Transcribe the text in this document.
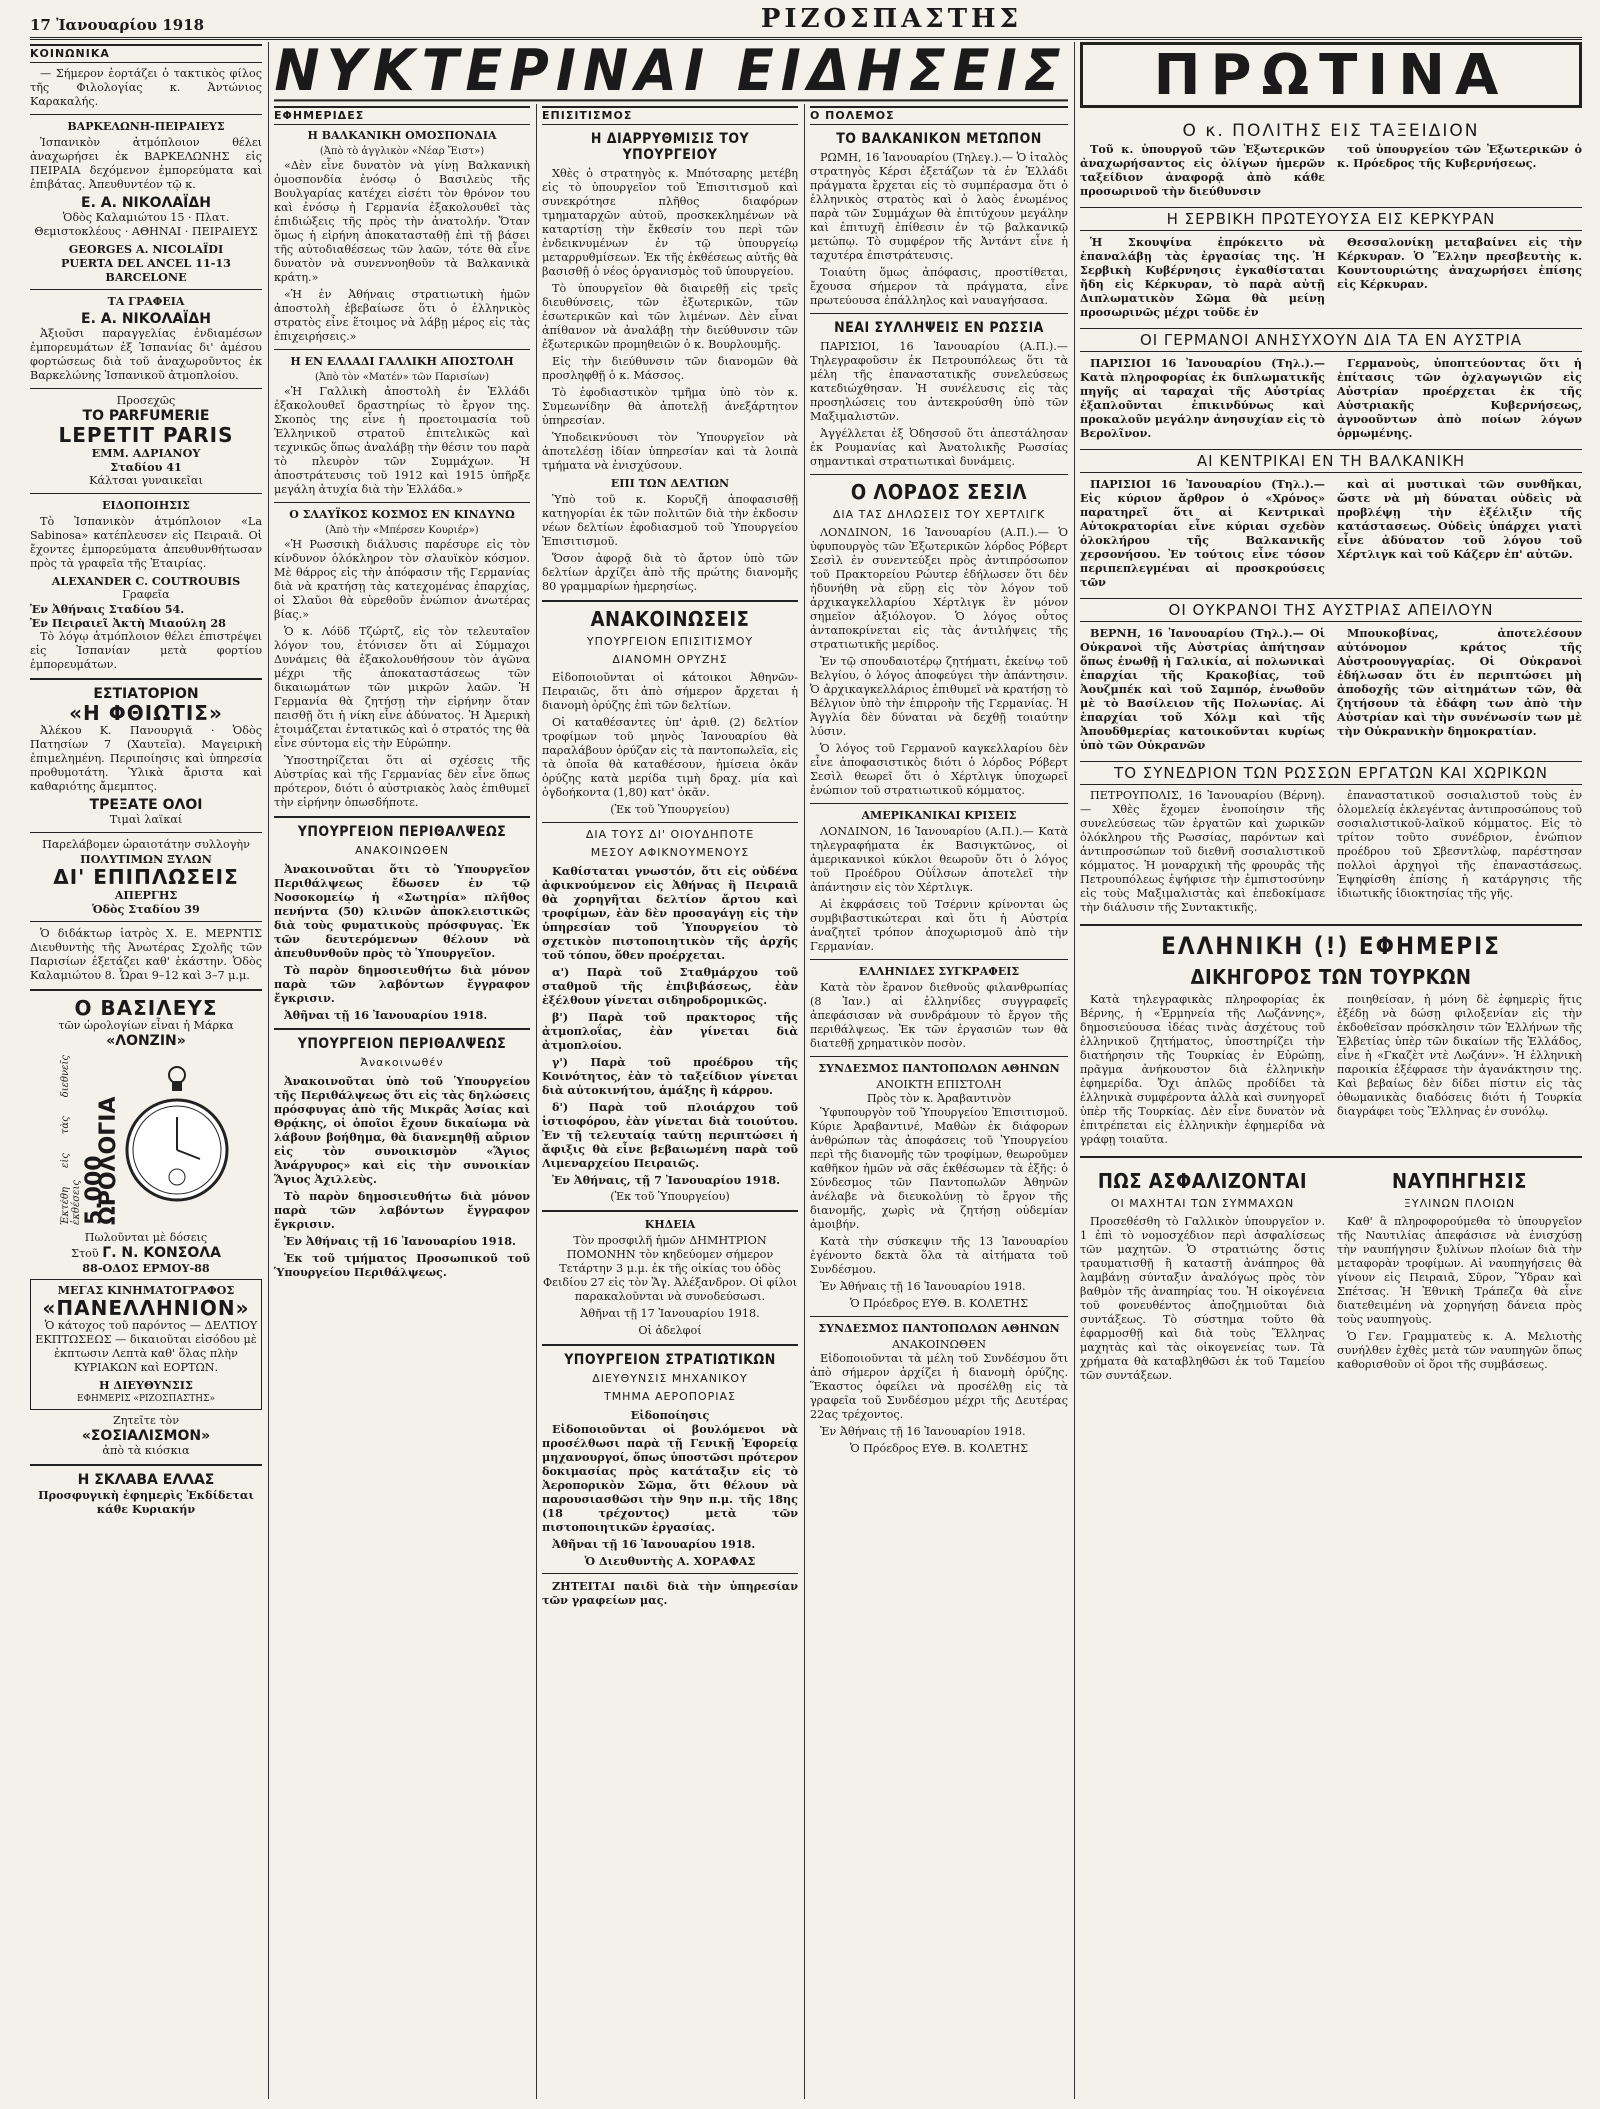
17 Ἰανουαρίου 1918	ΡΙΖΟΣΠΑΣΤΗΣ
ΝΥΚΤΕΡΙΝΑΙ ΕΙΔΗΣΕΙΣ	ΠΡΩΤΙΝΑ
ΚΟΙΝΩΝΙΚΑ

— Σήμερον ἑορτάζει ὁ τακτικὸς φίλος τῆς Φιλολογίας κ. Ἀντώνιος Καρακαλής.

ΒΑΡΚΕΛΩΝΗ-ΠΕΙΡΑΙΕΥΣ

Ἰσπανικὸν ἀτμόπλοιον θέλει ἀναχωρήσει ἐκ ΒΑΡΚΕΛΩΝΗΣ εἰς ΠΕΙΡΑΙΑ δεχόμενον ἐμπορεύματα καὶ ἐπιβάτας. Ἀπευθυντέον τῷ κ.

Ε. Α. ΝΙΚΟΛΑΪΔΗ

Ὁδὸς Καλαμιώτου 15 · Πλατ. Θεμιστοκλέους · ΑΘΗΝΑΙ · ΠΕΙΡΑΙΕΥΣ

GEORGES A. NICOLAÏDI
PUERTA DEL ANCEL 11-13 BARCELONE
ΤΑ ΓΡΑΦΕΙΑ
Ε. Α. ΝΙΚΟΛΑΪΔΗ

Ἀξιοῦσι παραγγελίας ἐνδιαμέσων ἐμπορευμάτων ἐξ Ἰσπανίας δι' ἀμέσου φορτώσεως διὰ τοῦ ἀναχωροῦντος ἐκ Βαρκελώνης Ἰσπανικοῦ ἀτμοπλοίου.

Προσεχῶς
ΤΟ PARFUMERIE
LEPETIT PARIS
ΕΜΜ. ΑΔΡΙΑΝΟΥ
Σταδίου 41
Κάλτσαι γυναικεῖαι
ΕΙΔΟΠΟΙΗΣΙΣ

Τὸ Ἰσπανικὸν ἀτμόπλοιον «La Sabinosa» κατέπλευσεν εἰς Πειραιᾶ. Οἱ ἔχοντες ἐμπορεύματα ἀπευθυνθήτωσαν πρὸς τὰ γραφεῖα τῆς Ἑταιρίας.

ALEXANDER C. COUTROUBIS
Γραφεῖα
Ἐν Ἀθήναις Σταδίου 54.
Ἐν Πειραιεῖ Ἀκτὴ Μιαούλη 28

Τὸ λόγῳ ἀτμόπλοιον θέλει ἐπιστρέψει εἰς Ἰσπανίαν μετὰ φορτίου ἐμπορευμάτων.

ΕΣΤΙΑΤΟΡΙΟΝ
«Η ΦΘΙΩΤΙΣ»

Ἀλέκου Κ. Πανουργιᾶ · Ὁδὸς Πατησίων 7 (Χαυτεῖα). Μαγειρικὴ ἐπιμελημένη. Περιποίησις καὶ ὑπηρεσία προθυμοτάτη. Ὑλικὰ ἄριστα καὶ καθαριότης ἄμεμπτος.

ΤΡΕΞΑΤΕ ΟΛΟΙ
Τιμαὶ λαϊκαί
Παρελάβομεν ὡραιοτάτην συλλογὴν
ΠΟΛΥΤΙΜΩΝ ΞΥΛΩΝ
ΔΙ' ΕΠΙΠΛΩΣΕΙΣ
ΑΠΕΡΓΗΣ
Ὁδὸς Σταδίου 39

Ὁ διδάκτωρ ἰατρὸς Χ. Ε. ΜΕΡΝΤΙΣ Διευθυντὴς τῆς Ἀνωτέρας Σχολῆς τῶν Παρισίων ἐξετάζει καθ' ἑκάστην. Ὁδὸς Καλαμιώτου 8. Ὧραι 9–12 καὶ 3–7 μ.μ.

Ο ΒΑΣΙΛΕΥΣ
τῶν ὡρολογίων εἶναι ἡ Μάρκα
«ΛΟΝΖΙΝ»
Ἐκτέθη εἰς τὰς διεθνεῖς ἐκθέσεις 5.000 ΩΡΟΛΟΓΙΑ
Πωλοῦνται μὲ δόσεις
Στοῦ Γ. Ν. ΚΟΝΣΟΛΑ
88-ΟΔΟΣ ΕΡΜΟΥ-88
ΜΕΓΑΣ ΚΙΝΗΜΑΤΟΓΡΑΦΟΣ
«ΠΑΝΕΛΛΗΝΙΟΝ»

Ὁ κάτοχος τοῦ παρόντος — ΔΕΛΤΙΟΥ ΕΚΠΤΩΣΕΩΣ — δικαιοῦται εἰσόδου μὲ ἐκπτωσιν Λεπτὰ καθ' ὅλας πλὴν ΚΥΡΙΑΚΩΝ καὶ ΕΟΡΤΩΝ.

Η ΔΙΕΥΘΥΝΣΙΣ
ΕΦΗΜΕΡΙΣ «ΡΙΖΟΣΠΑΣΤΗΣ»
Ζητεῖτε τὸν
«ΣΟΣΙΑΛΙΣΜΟΝ»
ἀπὸ τὰ κιόσκια
Η ΣΚΛΑΒΑ ΕΛΛΑΣ

Προσφυγικὴ ἐφημερὶς Ἐκδίδεται κάθε Κυριακήν

ΕΦΗΜΕΡΙΔΕΣ
Η ΒΑΛΚΑΝΙΚΗ ΟΜΟΣΠΟΝΔΙΑ
(Ἀπὸ τὸ ἀγγλικὸν «Νέαρ Ἔιστ»)

«Δὲν εἶνε δυνατὸν νὰ γίνῃ Βαλκανικὴ ὁμοσπονδία ἐνόσῳ ὁ Βασιλεὺς τῆς Βουλγαρίας κατέχει εἰσέτι τὸν θρόνον του καὶ ἐνόσῳ ἡ Γερμανία ἐξακολουθεῖ τὰς ἐπιδιώξεις τῆς πρὸς τὴν ἀνατολήν. Ὅταν ὅμως ἡ εἰρήνη ἀποκατασταθῇ ἐπὶ τῇ βάσει τῆς αὐτοδιαθέσεως τῶν λαῶν, τότε θὰ εἶνε δυνατὸν νὰ συνεννοηθοῦν τὰ Βαλκανικὰ κράτη.»

«Ἡ ἐν Ἀθήναις στρατιωτικὴ ἡμῶν ἀποστολὴ ἐβεβαίωσε ὅτι ὁ ἑλληνικὸς στρατὸς εἶνε ἕτοιμος νὰ λάβῃ μέρος εἰς τὰς ἐπιχειρήσεις.»

Η ΕΝ ΕΛΛΑΔΙ ΓΑΛΛΙΚΗ ΑΠΟΣΤΟΛΗ
(Ἀπὸ τὸν «Ματέν» τῶν Παρισίων)

«Ἡ Γαλλικὴ ἀποστολὴ ἐν Ἑλλάδι ἐξακολουθεῖ δραστηρίως τὸ ἔργον της. Σκοπὸς της εἶνε ἡ προετοιμασία τοῦ Ἑλληνικοῦ στρατοῦ ἐπιτελικῶς καὶ τεχνικῶς ὅπως ἀναλάβῃ τὴν θέσιν του παρὰ τὸ πλευρὸν τῶν Συμμάχων. Ἡ ἀποστράτευσις τοῦ 1912 καὶ 1915 ὑπῆρξε μεγάλη ἀτυχία διὰ τὴν Ἑλλάδα.»

Ο ΣΛΑΥΪΚΟΣ ΚΟΣΜΟΣ ΕΝ ΚΙΝΔΥΝΩ
(Ἀπὸ τὴν «Μπέρσεν Κουριέρ»)

«Ἡ Ρωσσικὴ διάλυσις παρέσυρε εἰς τὸν κίνδυνον ὁλόκληρον τὸν σλαυϊκὸν κόσμον. Μὲ θάρρος εἰς τὴν ἀπόφασιν τῆς Γερμανίας διὰ νὰ κρατήσῃ τὰς κατεχομένας ἐπαρχίας, οἱ Σλαῦοι θὰ εὑρεθοῦν ἐνώπιον ἀνωτέρας βίας.»

Ὁ κ. Λόϋδ Τζώρτζ, εἰς τὸν τελευταῖον λόγον του, ἐτόνισεν ὅτι αἱ Σύμμαχοι Δυνάμεις θὰ ἐξακολουθήσουν τὸν ἀγῶνα μέχρι τῆς ἀποκαταστάσεως τῶν δικαιωμάτων τῶν μικρῶν λαῶν. Ἡ Γερμανία θὰ ζητήσῃ τὴν εἰρήνην ὅταν πεισθῇ ὅτι ἡ νίκη εἶνε ἀδύνατος. Ἡ Ἀμερικὴ ἑτοιμάζεται ἐντατικῶς καὶ ὁ στρατός της θὰ εἶνε σύντομα εἰς τὴν Εὐρώπην.

Ὑποστηρίζεται ὅτι αἱ σχέσεις τῆς Αὐστρίας καὶ τῆς Γερμανίας δὲν εἶνε ὅπως πρότερον, διότι ὁ αὐστριακὸς λαὸς ἐπιθυμεῖ τὴν εἰρήνην ὁπωσδήποτε.

ΥΠΟΥΡΓΕΙΟΝ ΠΕΡΙΘΑΛΨΕΩΣ
ΑΝΑΚΟΙΝΩΘΕΝ

Ἀνακοινοῦται ὅτι τὸ Ὑπουργεῖον Περιθάλψεως ἔδωσεν ἐν τῷ Νοσοκομείῳ ἡ «Σωτηρία» πλῆθος πενήντα (50) κλινῶν ἀποκλειστικῶς διὰ τοὺς φυματικοὺς πρόσφυγας. Ἐκ τῶν δευτερόμενων θέλουν νὰ ἀπευθυνθοῦν πρὸς τὸ Ὑπουργεῖον.

Τὸ παρὸν δημοσιευθήτω διὰ μόνον παρὰ τῶν λαβόντων ἔγγραφον ἔγκρισιν.

Ἀθῆναι τῇ 16 Ἰανουαρίου 1918.

ΥΠΟΥΡΓΕΙΟΝ ΠΕΡΙΘΑΛΨΕΩΣ
Ἀνακοινωθέν

Ἀνακοινοῦται ὑπὸ τοῦ Ὑπουργείου τῆς Περιθάλψεως ὅτι εἰς τὰς δηλώσεις πρόσφυγας ἀπὸ τῆς Μικρᾶς Ἀσίας καὶ Θρᾴκης, οἱ ὁποῖοι ἔχουν δικαίωμα νὰ λάβουν βοήθημα, θὰ διανεμηθῇ αὔριον εἰς τὸν συνοικισμὸν «Ἅγιος Ἀνάργυρος» καὶ εἰς τὴν συνοικίαν Ἅγιος Ἀχιλλεὺς.

Τὸ παρὸν δημοσιευθήτω διὰ μόνον παρὰ τῶν λαβόντων ἔγγραφον ἔγκρισιν.

Ἐν Ἀθήναις τῇ 16 Ἰανουαρίου 1918.

Ἐκ τοῦ τμήματος Προσωπικοῦ τοῦ Ὑπουργείου Περιθάλψεως.

ΕΠΙΣΙΤΙΣΜΟΣ
Η ΔΙΑΡΡΥΘΜΙΣΙΣ ΤΟΥ ΥΠΟΥΡΓΕΙΟΥ

Χθὲς ὁ στρατηγὸς κ. Μπότσαρης μετέβη εἰς τὸ ὑπουργεῖον τοῦ Ἐπισιτισμοῦ καὶ συνεκρότησε πλῆθος διαφόρων τμηματαρχῶν αὐτοῦ, προσκεκλημένων νὰ καταρτίσῃ τὴν ἔκθεσίν του περὶ τῶν ἐνδεικνυμένων ἐν τῷ ὑπουργείῳ μεταρρυθμίσεων. Ἐκ τῆς ἐκθέσεως αὐτῆς θὰ βασισθῇ ὁ νέος ὀργανισμὸς τοῦ ὑπουργείου.

Τὸ ὑπουργεῖον θὰ διαιρεθῇ εἰς τρεῖς διευθύνσεις, τῶν ἐξωτερικῶν, τῶν ἐσωτερικῶν καὶ τῶν λιμένων. Δὲν εἶναι ἀπίθανον νὰ ἀναλάβῃ τὴν διεύθυνσιν τῶν ἐξωτερικῶν προμηθειῶν ὁ κ. Βουρλουμῆς.

Εἰς τὴν διεύθυνσιν τῶν διανομῶν θὰ προσληφθῇ ὁ κ. Μάσσος.

Τὸ ἐφοδιαστικὸν τμῆμα ὑπὸ τὸν κ. Συμεωνίδην θὰ ἀποτελῇ ἀνεξάρτητον ὑπηρεσίαν.

Ὑποδεικνύουσι τὸν Ὑπουργεῖον νὰ ἀποτελέσῃ ἰδίαν ὑπηρεσίαν καὶ τὰ λοιπὰ τμήματα νὰ ἐνισχύσουν.

ΕΠΙ ΤΩΝ ΔΕΛΤΙΩΝ

Ὑπὸ τοῦ κ. Κορυζῆ ἀποφασισθῇ κατηγορίαι ἐκ τῶν πολιτῶν διὰ τὴν ἐκδοσιν νέων δελτίων ἐφοδιασμοῦ τοῦ Ὑπουργείου Ἐπισιτισμοῦ.

Ὅσον ἀφορᾷ διὰ τὸ ἄρτον ὑπὸ τῶν δελτίων ἀρχίζει ἀπὸ τῆς πρώτης διανομῆς 80 γραμμαρίων ἡμερησίως.

ΑΝΑΚΟΙΝΩΣΕΙΣ
ΥΠΟΥΡΓΕΙΟΝ ΕΠΙΣΙΤΙΣΜΟΥ
ΔΙΑΝΟΜΗ ΟΡΥΖΗΣ

Εἰδοποιοῦνται οἱ κάτοικοι Ἀθηνῶν-Πειραιῶς, ὅτι ἀπὸ σήμερον ἄρχεται ἡ διανομὴ ὀρύζης ἐπὶ τῶν δελτίων.

Οἱ καταθέσαντες ὑπ' ἀριθ. (2) δελτίον τροφίμων τοῦ μηνὸς Ἰανουαρίου θὰ παραλάβουν ὀρύζαν εἰς τὰ παντοπωλεῖα, εἰς τὰ ὁποῖα θὰ καταθέσουν, ἠμίσεια ὀκᾶν ὀρύζης κατὰ μερίδα τιμὴ δραχ. μία καὶ ὀγδοήκοντα (1,80) κατ' ὀκᾶν.

(Ἐκ τοῦ Ὑπουργείου)

ΔΙΑ ΤΟΥΣ ΔΙ' ΟΙΟΥΔΗΠΟΤΕ
ΜΕΣΟΥ ΑΦΙΚΝΟΥΜΕΝΟΥΣ

Καθίσταται γνωστόν, ὅτι εἰς οὐδένα ἀφικνούμενον εἰς Ἀθήνας ἢ Πειραιᾶ θὰ χορηγῆται δελτίον ἄρτου καὶ τροφίμων, ἐὰν δὲν προσαγάγῃ εἰς τὴν ὑπηρεσίαν τοῦ Ὑπουργείου τὸ σχετικὸν πιστοποιητικὸν τῆς ἀρχῆς τοῦ τόπου, ὅθεν προέρχεται.

α') Παρὰ τοῦ Σταθμάρχου τοῦ σταθμοῦ τῆς ἐπιβιβάσεως, ἐὰν ἐξέλθουν γίνεται σιδηροδρομικῶς.

β') Παρὰ τοῦ πρακτορος τῆς ἀτμοπλοΐας, ἐὰν γίνεται διὰ ἀτμοπλοίου.

γ') Παρὰ τοῦ προέδρου τῆς Κοινότητος, ἐὰν τὸ ταξείδιον γίνεται διὰ αὐτοκινήτου, ἁμάξης ἢ κάρρου.

δ') Παρὰ τοῦ πλοιάρχου τοῦ ἱστιοφόρου, ἐὰν γίνεται διὰ τοιούτου. Ἐν τῇ τελευταίᾳ ταύτῃ περιπτώσει ἡ ἄφιξις θὰ εἶνε βεβαιωμένη παρὰ τοῦ Λιμεναρχείου Πειραιῶς.

Ἐν Ἀθήναις, τῇ 7 Ἰανουαρίου 1918.

(Ἐκ τοῦ Ὑπουργείου)

ΚΗΔΕΙΑ

Τὸν προσφιλῆ ἡμῶν ΔΗΜΗΤΡΙΟΝ ΠΟΜΟΝΗΝ τὸν κηδεύομεν σήμερον Τετάρτην 3 μ.μ. ἐκ τῆς οἰκίας του ὁδὸς Φειδίου 27 εἰς τὸν Ἅγ. Ἀλέξανδρον. Οἱ φίλοι παρακαλοῦνται νὰ συνοδεύσωσι.

Ἀθῆναι τῇ 17 Ἰανουαρίου 1918.

Οἱ ἀδελφοί

ΥΠΟΥΡΓΕΙΟΝ ΣΤΡΑΤΙΩΤΙΚΩΝ
ΔΙΕΥΘΥΝΣΙΣ ΜΗΧΑΝΙΚΟΥ
ΤΜΗΜΑ ΑΕΡΟΠΟΡΙΑΣ
Εἰδοποίησις

Εἰδοποιοῦνται οἱ βουλόμενοι νὰ προσέλθωσι παρὰ τῇ Γενικῇ Ἐφορείᾳ μηχανουργοί, ὅπως ὑποστῶσι πρότερον δοκιμασίας πρὸς κατάταξιν εἰς τὸ Ἀεροπορικὸν Σῶμα, ὅτι θέλουν νὰ παρουσιασθῶσι τὴν 9ην π.μ. τῆς 18ης (18 τρέχοντος) μετὰ τῶν πιστοποιητικῶν ἐργασίας.

Ἀθῆναι τῇ 16 Ἰανουαρίου 1918.

Ὁ Διευθυντὴς Α. ΧΟΡΑΦΑΣ

ΖΗΤΕΙΤΑΙ παιδὶ διὰ τὴν ὑπηρεσίαν τῶν γραφείων μας.

Ο ΠΟΛΕΜΟΣ
ΤΟ ΒΑΛΚΑΝΙΚΟΝ ΜΕΤΩΠΟΝ

ΡΩΜΗ, 16 Ἰανουαρίου (Τηλεγ.).— Ὁ ἰταλὸς στρατηγὸς Κέρσι ἐξετάζων τὰ ἐν Ἑλλάδι πράγματα ἔρχεται εἰς τὸ συμπέρασμα ὅτι ὁ ἑλληνικὸς στρατὸς καὶ ὁ λαὸς ἑνωμένος παρὰ τῶν Συμμάχων θὰ ἐπιτύχουν μεγάλην καὶ ἐπιτυχῆ ἐπίθεσιν ἐν τῷ βαλκανικῷ μετώπῳ. Τὸ συμφέρον τῆς Ἀντάντ εἶνε ἡ ταχυτέρα ἐπιστράτευσις.

Τοιαύτη ὅμως ἀπόφασις, προστίθεται, ἔχουσα σήμερον τὰ πράγματα, εἶνε πρωτεύουσα ἐπάλληλος καὶ ναυαγήσασα.

ΝΕΑΙ ΣΥΛΛΗΨΕΙΣ ΕΝ ΡΩΣΣΙΑ

ΠΑΡΙΣΙΟΙ, 16 Ἰανουαρίου (Α.Π.).— Τηλεγραφοῦσιν ἐκ Πετρουπόλεως ὅτι τὰ μέλη τῆς ἐπαναστατικῆς συνελεύσεως κατεδιώχθησαν. Ἡ συνέλευσις εἰς τὰς προσηλώσεις του ἀντεκρούσθη ὑπὸ τῶν Μαξιμαλιστῶν.

Ἀγγέλλεται ἐξ Ὀδησσοῦ ὅτι ἀπεστάλησαν ἐκ Ρουμανίας καὶ Ἀνατολικῆς Ρωσσίας σημαντικαὶ στρατιωτικαὶ δυνάμεις.

Ο ΛΟΡΔΟΣ ΣΕΣΙΛ
ΔΙΑ ΤΑΣ ΔΗΛΩΣΕΙΣ ΤΟΥ ΧΕΡΤΛΙΓΚ

ΛΟΝΔΙΝΟΝ, 16 Ἰανουαρίου (Α.Π.).— Ὁ ὑφυπουργὸς τῶν Ἐξωτερικῶν λόρδος Ρόβερτ Σεσὶλ ἐν συνεντεύξει πρὸς ἀντιπρόσωπον τοῦ Πρακτορείου Ρώυτερ ἐδήλωσεν ὅτι δὲν ἠδυνήθη νὰ εὕρῃ εἰς τὸν λόγον τοῦ ἀρχικαγκελλαρίου Χέρτλιγκ ἓν μόνον σημεῖον ἀξιόλογον. Ὁ λόγος οὗτος ἀνταποκρίνεται εἰς τὰς ἀντιλήψεις τῆς στρατιωτικῆς μερίδος.

Ἐν τῷ σπουδαιοτέρῳ ζητήματι, ἐκείνῳ τοῦ Βελγίου, ὁ λόγος ἀποφεύγει τὴν ἀπάντησιν. Ὁ ἀρχικαγκελλάριος ἐπιθυμεῖ νὰ κρατήσῃ τὸ Βέλγιον ὑπὸ τὴν ἐπιρροὴν τῆς Γερμανίας. Ἡ Ἀγγλία δὲν δύναται νὰ δεχθῇ τοιαύτην λύσιν.

Ὁ λόγος τοῦ Γερμανοῦ καγκελλαρίου δὲν εἶνε ἀποφασιστικὸς διότι ὁ λόρδος Ρόβερτ Σεσὶλ θεωρεῖ ὅτι ὁ Χέρτλιγκ ὑποχωρεῖ ἐνώπιον τοῦ στρατιωτικοῦ κόμματος.

ΑΜΕΡΙΚΑΝΙΚΑΙ ΚΡΙΣΕΙΣ

ΛΟΝΔΙΝΟΝ, 16 Ἰανουαρίου (Α.Π.).— Κατὰ τηλεγραφήματα ἐκ Βασιγκτῶνος, οἱ ἀμερικανικοὶ κύκλοι θεωροῦν ὅτι ὁ λόγος τοῦ Προέδρου Οὐΐλσων ἀποτελεῖ τὴν ἀπάντησιν εἰς τὸν Χέρτλιγκ.

Αἱ ἐκφράσεις τοῦ Τσέρνιν κρίνονται ὡς συμβιβαστικώτεραι καὶ ὅτι ἡ Αὐστρία ἀναζητεῖ τρόπον ἀποχωρισμοῦ ἀπὸ τὴν Γερμανίαν.

ΕΛΛΗΝΙΔΕΣ ΣΥΓΚΡΑΦΕΙΣ

Κατὰ τὸν ἔρανον διεθνοῦς φιλανθρωπίας (8 Ἰαν.) αἱ ἐλληνίδες συγγραφεῖς ἀπεφάσισαν νὰ συνδράμουν τὸ ἔργον τῆς περιθάλψεως. Ἐκ τῶν ἐργασιῶν των θὰ διατεθῇ χρηματικὸν ποσὸν.

ΣΥΝΔΕΣΜΟΣ ΠΑΝΤΟΠΩΛΩΝ ΑΘΗΝΩΝ
ΑΝΟΙΚΤΗ ΕΠΙΣΤΟΛΗ
Πρὸς τὸν κ. Ἀραβαντινὸν

Ὑφυπουργὸν τοῦ Ὑπουργείου Ἐπισιτισμοῦ. Κύριε Ἀραβαντινέ, Μαθὼν ἐκ διάφορων ἀνθρώπων τὰς ἀποφάσεις τοῦ Ὑπουργείου περὶ τῆς διανομῆς τῶν τροφίμων, θεωροῦμεν καθῆκον ἡμῶν νὰ σᾶς ἐκθέσωμεν τὰ ἑξῆς: ὁ Σύνδεσμος τῶν Παντοπωλῶν Ἀθηνῶν ἀνέλαβε νὰ διευκολύνῃ τὸ ἔργον τῆς διανομῆς, χωρὶς νὰ ζητήσῃ οὐδεμίαν ἀμοιβήν.

Κατὰ τὴν σύσκεψιν τῆς 13 Ἰανουαρίου ἐγένοντο δεκτὰ ὅλα τὰ αἰτήματα τοῦ Συνδέσμου.

Ἐν Ἀθήναις τῇ 16 Ἰανουαρίου 1918.

Ὁ Πρόεδρος ΕΥΘ. Β. ΚΟΛΕΤΗΣ

ΣΥΝΔΕΣΜΟΣ ΠΑΝΤΟΠΩΛΩΝ ΑΘΗΝΩΝ
ΑΝΑΚΟΙΝΩΘΕΝ

Εἰδοποιοῦνται τὰ μέλη τοῦ Συνδέσμου ὅτι ἀπὸ σήμερον ἀρχίζει ἡ διανομὴ ὀρύζης. Ἕκαστος ὀφείλει νὰ προσέλθῃ εἰς τὰ γραφεῖα τοῦ Συνδέσμου μέχρι τῆς Δευτέρας 22ας τρέχοντος.

Ἐν Ἀθήναις τῇ 16 Ἰανουαρίου 1918.

Ὁ Πρόεδρος ΕΥΘ. Β. ΚΟΛΕΤΗΣ

Ο κ. ΠΟΛΙΤΗΣ ΕΙΣ ΤΑΞΕΙΔΙΟΝ

Τοῦ κ. ὑπουργοῦ τῶν Ἐξωτερικῶν ἀναχωρήσαντος εἰς ὀλίγων ἡμερῶν ταξείδιον ἀναφορᾷ ἀπὸ κάθε προσωρινοῦ τὴν διεύθυνσιν

τοῦ ὑπουργείου τῶν Ἐξωτερικῶν ὁ κ. Πρόεδρος τῆς Κυβερνήσεως.

Η ΣΕΡΒΙΚΗ ΠΡΩΤΕΥΟΥΣΑ ΕΙΣ ΚΕΡΚΥΡΑΝ

Ἡ Σκουψίνα ἐπρόκειτο νὰ ἐπαναλάβῃ τὰς ἐργασίας της. Ἡ Σερβικὴ Κυβέρνησις ἐγκαθίσταται ἤδη εἰς Κέρκυραν, τὸ παρὰ αὐτῇ Διπλωματικὸν Σῶμα θὰ μείνῃ προσωρινῶς μέχρι τοῦδε ἐν

Θεσσαλονίκῃ μεταβαίνει εἰς τὴν Κέρκυραν. Ὁ Ἕλλην πρεσβευτὴς κ. Κουντουριώτης ἀναχωρήσει ἐπίσης εἰς Κέρκυραν.

ΟΙ ΓΕΡΜΑΝΟΙ ΑΝΗΣΥΧΟΥΝ ΔΙΑ ΤΑ ΕΝ ΑΥΣΤΡΙΑ

ΠΑΡΙΣΙΟΙ 16 Ἰανουαρίου (Τηλ.).— Κατὰ πληροφορίας ἐκ διπλωματικῆς πηγῆς αἱ ταραχαὶ τῆς Αὐστρίας ἐξαπλοῦνται ἐπικινδύνως καὶ προκαλοῦν μεγάλην ἀνησυχίαν εἰς τὸ Βερολῖνον.

Γερμανοὺς, ὑποπτεύοντας ὅτι ἡ ἐπίτασις τῶν ὀχλαγωγιῶν εἰς Αὐστρίαν προέρχεται ἐκ τῆς Αὐστριακῆς Κυβερνήσεως, ἀγνοοῦντων ἀπὸ ποίων λόγων ὁρμωμένης.

ΑΙ ΚΕΝΤΡΙΚΑΙ ΕΝ ΤΗ ΒΑΛΚΑΝΙΚΗ

ΠΑΡΙΣΙΟΙ 16 Ἰανουαρίου (Τηλ.).— Εἰς κύριον ἄρθρον ὁ «Χρόνος» παρατηρεῖ ὅτι αἱ Κεντρικαὶ Αὐτοκρατορίαι εἶνε κύριαι σχεδὸν ὁλοκλήρου τῆς Βαλκανικῆς χερσονήσου. Ἐν τούτοις εἶνε τόσον περιπεπλεγμέναι αἱ προσκρούσεις τῶν

καὶ αἱ μυστικαὶ τῶν συνθῆκαι, ὥστε νὰ μὴ δύναται οὐδεὶς νὰ προβλέψῃ τὴν ἐξέλιξιν τῆς κατάστασεως. Οὐδεὶς ὑπάρχει γιατὶ εἶνε ἀδύνατον τοῦ λόγου τοῦ Χέρτλιγκ καὶ τοῦ Κάζερν ἐπ' αὐτῶν.

ΟΙ ΟΥΚΡΑΝΟΙ ΤΗΣ ΑΥΣΤΡΙΑΣ ΑΠΕΙΛΟΥΝ

ΒΕΡΝΗ, 16 Ἰανουαρίου (Τηλ.).— Οἱ Οὐκρανοὶ τῆς Αὐστρίας ἀπήτησαν ὅπως ἑνωθῇ ἡ Γαλικία, αἱ πολωνικαὶ ἐπαρχίαι τῆς Κρακοβίας, τοῦ Ἀουζμπέκ καὶ τοῦ Σαμπόρ, ἑνωθοῦν μὲ τὸ Βασίλειον τῆς Πολωνίας. Αἱ ἐπαρχίαι τοῦ Χόλμ καὶ τῆς Ἀπουδθμερίας κατοικοῦνται κυρίως ὑπὸ τῶν Οὐκρανῶν

Μπουκοβίνας, ἀποτελέσουν αὐτόνομον κράτος τῆς Αὐστροουγγαρίας. Οἱ Οὐκρανοὶ ἐδήλωσαν ὅτι ἐν περιπτώσει μὴ ἀποδοχῆς τῶν αἰτημάτων τῶν, θὰ ζητήσουν τὰ ἐδάφη των ἀπὸ τὴν Αὐστρίαν καὶ τὴν συνένωσίν των μὲ τὴν Οὐκρανικὴν δημοκρατίαν.

ΤΟ ΣΥΝΕΔΡΙΟΝ ΤΩΝ ΡΩΣΣΩΝ ΕΡΓΑΤΩΝ ΚΑΙ ΧΩΡΙΚΩΝ

ΠΕΤΡΟΥΠΟΛΙΣ, 16 Ἰανουαρίου (Βέρνη).— Χθὲς ἔχομεν ἐνοποίησιν τῆς συνελεύσεως τῶν ἐργατῶν καὶ χωρικῶν ὁλόκληρου τῆς Ρωσσίας, παρόντων καὶ ἀντιπροσώπων τοῦ διεθνῆ σοσιαλιστικοῦ κόμματος. Ἡ μοναρχικὴ τῆς φρουρᾶς τῆς Πετρουπόλεως ἐψήφισε τὴν ἐμπιστοσύνην εἰς τοὺς Μαξιμαλιστὰς καὶ ἐπεδοκίμασε τὴν διάλυσιν τῆς Συντακτικῆς.

ἐπαναστατικοῦ σοσιαλιστοῦ τοὺς ἐν ὁλομελείᾳ ἐκλεγέντας ἀντιπροσώπους τοῦ σοσιαλιστικοῦ-λαϊκοῦ κόμματος. Εἰς τὸ τρίτον τοῦτο συνέδριον, ἐνώπιον προέδρου τοῦ Σβεσντλὼφ, παρέστησαν πολλοὶ ἀρχηγοὶ τῆς ἐπαναστάσεως. Ἐψηφίσθη ἐπίσης ἡ κατάργησις τῆς ἰδιωτικῆς ἰδιοκτησίας τῆς γῆς.

ΕΛΛΗΝΙΚΗ (!) ΕΦΗΜΕΡΙΣ
ΔΙΚΗΓΟΡΟΣ ΤΩΝ ΤΟΥΡΚΩΝ

Κατὰ τηλεγραφικὰς πληροφορίας ἐκ Βέρνης, ἡ «Ἐρμηνεία τῆς Λωζάννης», δημοσιεύουσα ἰδέας τινὰς ἀσχέτους τοῦ ἑλληνικοῦ ζητήματος, ὑποστηρίζει τὴν διατήρησιν τῆς Τουρκίας ἐν Εὐρώπῃ, πρᾶγμα ἀνήκουστον διὰ ἑλληνικὴν ἐφημερίδα. Ὄχι ἁπλῶς προδίδει τὰ ἑλληνικὰ συμφέροντα ἀλλὰ καὶ συνηγορεῖ ὑπὲρ τῆς Τουρκίας. Δὲν εἶνε δυνατὸν νὰ ἐπιτρέπεται εἰς ἑλληνικὴν ἐφημερίδα νὰ γράφῃ τοιαῦτα.

ποιηθείσαν, ἡ μόνη δὲ ἐφημερὶς ἥτις ἐξέδῃ νὰ δώσῃ φιλοξενίαν εἰς τὴν ἐκδοθεῖσαν πρόσκλησιν τῶν Ἑλλήνων τῆς Ἑλβετίας ὑπὲρ τῶν δικαίων τῆς Ἑλλάδος, εἶνε ἡ «Γκαζὲτ ντὲ Λωζάνν». Ἡ ἑλληνικὴ παροικία ἐξέφρασε τὴν ἀγανάκτησιν της. Καὶ βεβαίως δὲν δίδει πίστιν εἰς τὰς ὀθωμανικὰς διαδόσεις διότι ἡ Τουρκία διαγράφει τοὺς Ἕλληνας ἐν συνόλῳ.

ΠΩΣ ΑΣΦΑΛΙΖΟΝΤΑΙ
ΟΙ ΜΑΧΗΤΑΙ ΤΩΝ ΣΥΜΜΑΧΩΝ

Προσεθέσθη τὸ Γαλλικὸν ὑπουργεῖον ν. 1 ἐπὶ τὸ νομοσχέδιον περὶ ἀσφαλίσεως τῶν μαχητῶν. Ὁ στρατιώτης ὅστις τραυματισθῇ ἢ καταστῇ ἀνάπηρος θὰ λαμβάνῃ σύνταξιν ἀναλόγως πρὸς τὸν βαθμὸν τῆς ἀναπηρίας του. Ἡ οἰκογένεια τοῦ φονευθέντος ἀποζημιοῦται διὰ συντάξεως. Τὸ σύστημα τοῦτο θὰ ἐφαρμοσθῇ καὶ διὰ τοὺς Ἕλληνας μαχητὰς καὶ τὰς οἰκογενείας των. Τὰ χρήματα θὰ καταβληθῶσι ἐκ τοῦ Ταμείου τῶν συντάξεων.

ΝΑΥΠΗΓΗΣΙΣ
ΞΥΛΙΝΩΝ ΠΛΟΙΩΝ

Καθ' ἃ πληροφορούμεθα τὸ ὑπουργεῖον τῆς Ναυτιλίας ἀπεφάσισε νὰ ἐνισχύσῃ τὴν ναυπήγησιν ξυλίνων πλοίων διὰ τὴν μεταφορὰν τροφίμων. Αἱ ναυπηγήσεις θὰ γίνουν εἰς Πειραιᾶ, Σῦρον, Ὕδραν καὶ Σπέτσας. Ἡ Ἐθνικὴ Τράπεζα θὰ εἶνε διατεθειμένη νὰ χορηγήσῃ δάνεια πρὸς τοὺς ναυπηγοὺς.

Ὁ Γεν. Γραμματεὺς κ. Α. Μελιοτὴς συνήλθεν ἐχθὲς μετὰ τῶν ναυπηγῶν ὅπως καθορισθοῦν οἱ ὅροι τῆς συμβάσεως.
